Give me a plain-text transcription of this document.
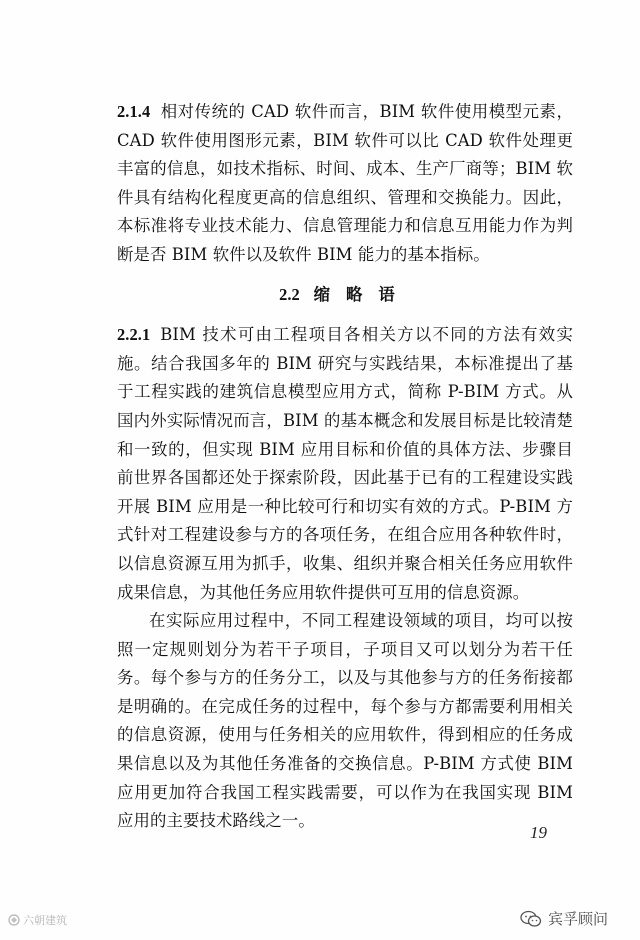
2.1.4 相对传统的 CAD 软件而言，BIM 软件使用模型元素，CAD 软件使用图形元素，BIM 软件可以比 CAD 软件处理更丰富的信息，如技术指标、时间、成本、生产厂商等；BIM 软件具有结构化程度更高的信息组织、管理和交换能力。因此，本标准将专业技术能力、信息管理能力和信息互用能力作为判断是否 BIM 软件以及软件 BIM 能力的基本指标。

2.2 缩略语

2.2.1 BIM 技术可由工程项目各相关方以不同的方法有效实施。结合我国多年的 BIM 研究与实践结果，本标准提出了基于工程实践的建筑信息模型应用方式，简称 P-BIM 方式。从国内外实际情况而言，BIM 的基本概念和发展目标是比较清楚和一致的，但实现 BIM 应用目标和价值的具体方法、步骤目前世界各国都还处于探索阶段，因此基于已有的工程建设实践开展 BIM 应用是一种比较可行和切实有效的方式。P-BIM 方式针对工程建设参与方的各项任务，在组合应用各种软件时，以信息资源互用为抓手，收集、组织并聚合相关任务应用软件成果信息，为其他任务应用软件提供可互用的信息资源。

在实际应用过程中，不同工程建设领域的项目，均可以按照一定规则划分为若干子项目，子项目又可以划分为若干任务。每个参与方的任务分工，以及与其他参与方的任务衔接都是明确的。在完成任务的过程中，每个参与方都需要利用相关的信息资源，使用与任务相关的应用软件，得到相应的任务成果信息以及为其他任务准备的交换信息。P-BIM 方式使 BIM 应用更加符合我国工程实践需要，可以作为在我国实现 BIM 应用的主要技术路线之一。

19
六朝建筑	宾孚顾问
